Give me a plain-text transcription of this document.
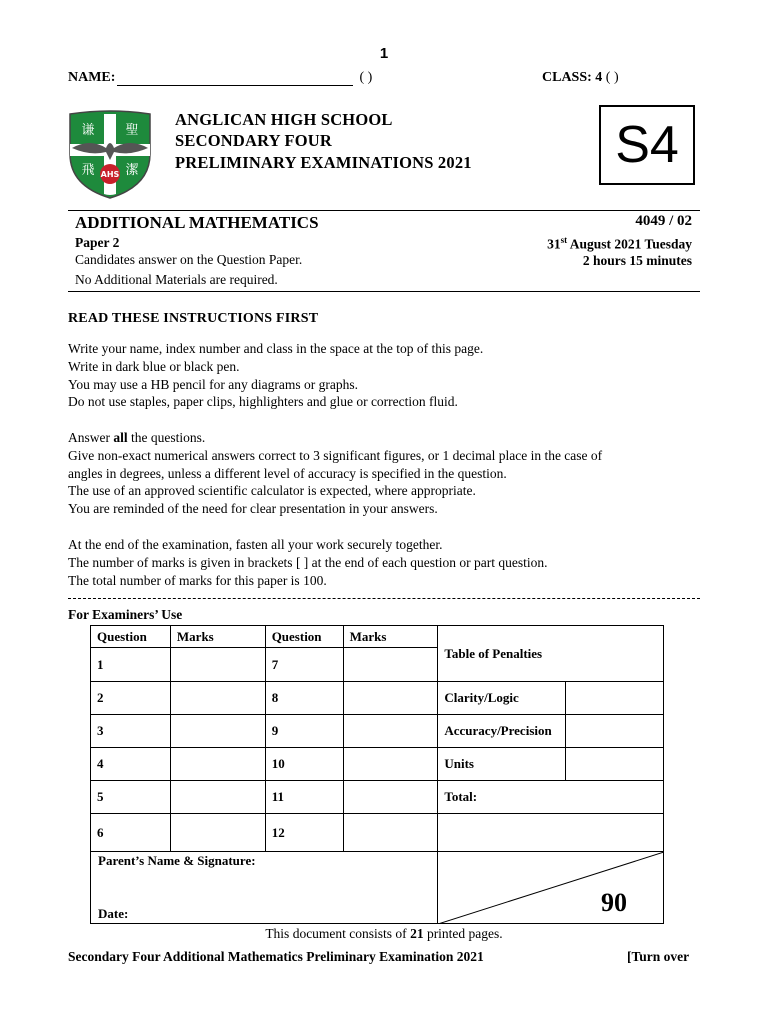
1
NAME:	( )	CLASS: 4 ( )
谦 聖
飛 潔
AHS
ANGLICAN HIGH SCHOOL
SECONDARY FOUR
PRELIMINARY EXAMINATIONS 2021	S4
ADDITIONAL MATHEMATICS	4049 / 02
Paper 2	31st August 2021 Tuesday
Candidates answer on the Question Paper.	2 hours 15 minutes
No Additional Materials are required.
READ THESE INSTRUCTIONS FIRST
Write your name, index number and class in the space at the top of this page.
Write in dark blue or black pen.
You may use a HB pencil for any diagrams or graphs.
Do not use staples, paper clips, highlighters and glue or correction fluid.
Answer all the questions.
Give non-exact numerical answers correct to 3 significant figures, or 1 decimal place in the case of
angles in degrees, unless a different level of accuracy is specified in the question.
The use of an approved scientific calculator is expected, where appropriate.
You are reminded of the need for clear presentation in your answers.
At the end of the examination, fasten all your work securely together.
The number of marks is given in brackets [ ] at the end of each question or part question.
The total number of marks for this paper is 100.
For Examiners’ Use
Question	Marks	Question	Marks	Table of Penalties	
1		7			
2		8		Clarity/Logic	
3		9		Accuracy/Precision	
4		10		Units	
5		11		Total:	
6		12			

Parent’s Name & Signature:
Date:				90	
This document consists of 21 printed pages.
Secondary Four Additional Mathematics Preliminary Examination 2021	[Turn over
